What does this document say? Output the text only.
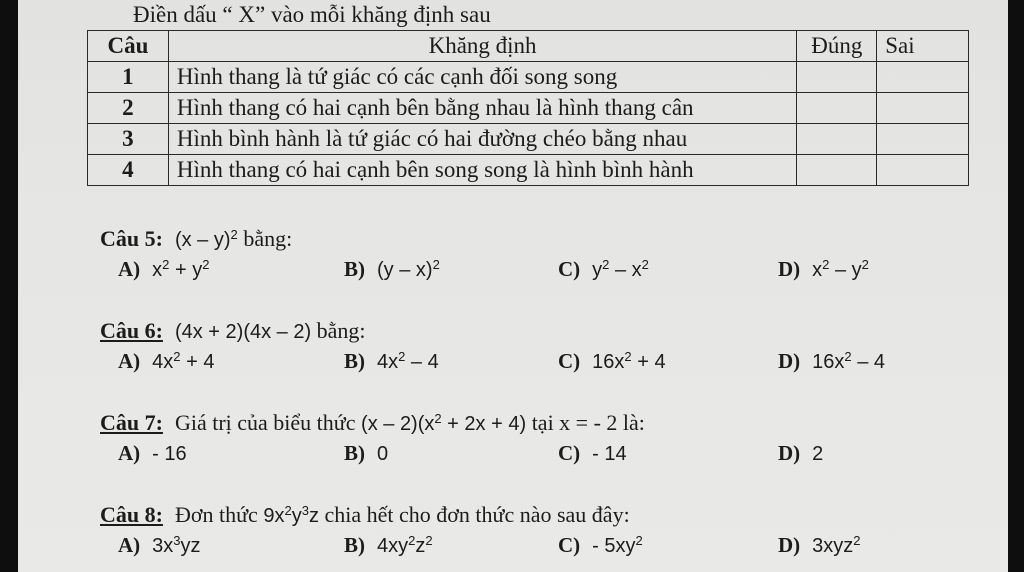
Điền dấu “ X” vào mỗi khăng định sau
Câu	Khăng định	Đúng	Sai
1	Hình thang là tứ giác có các cạnh đối song song		
2	Hình thang có hai cạnh bên bằng nhau là hình thang cân		
3	Hình bình hành là tứ giác có hai đường chéo bằng nhau		
4	Hình thang có hai cạnh bên song song là hình bình hành		
Câu 5: (x – y)$^2$ bằng:
A) $x^2 + y^2$	B) (y – x)$^2$	C) $y^2 - x^2$	D) $x^2 - y^2$
Câu 6: (4x + 2)(4x – 2) bằng:
A) $4x^2 + 4$	B) $4x^2 - 4$	C) $16x^2 + 4$	D) $16x^2 - 4$
Câu 7: Giá trị của biểu thức $(x - 2)(x^2 + 2x + 4)$ tại x = - 2 là:
A) - 16	B) 0	C) - 14	D) 2
Câu 8: Đơn thức $9x^2y^3z$ chia hết cho đơn thức nào sau đây:
A) $3x^3yz$	B) $4xy^2z^2$	$C) - 5xy^2$	D) 3xyz$^2$
